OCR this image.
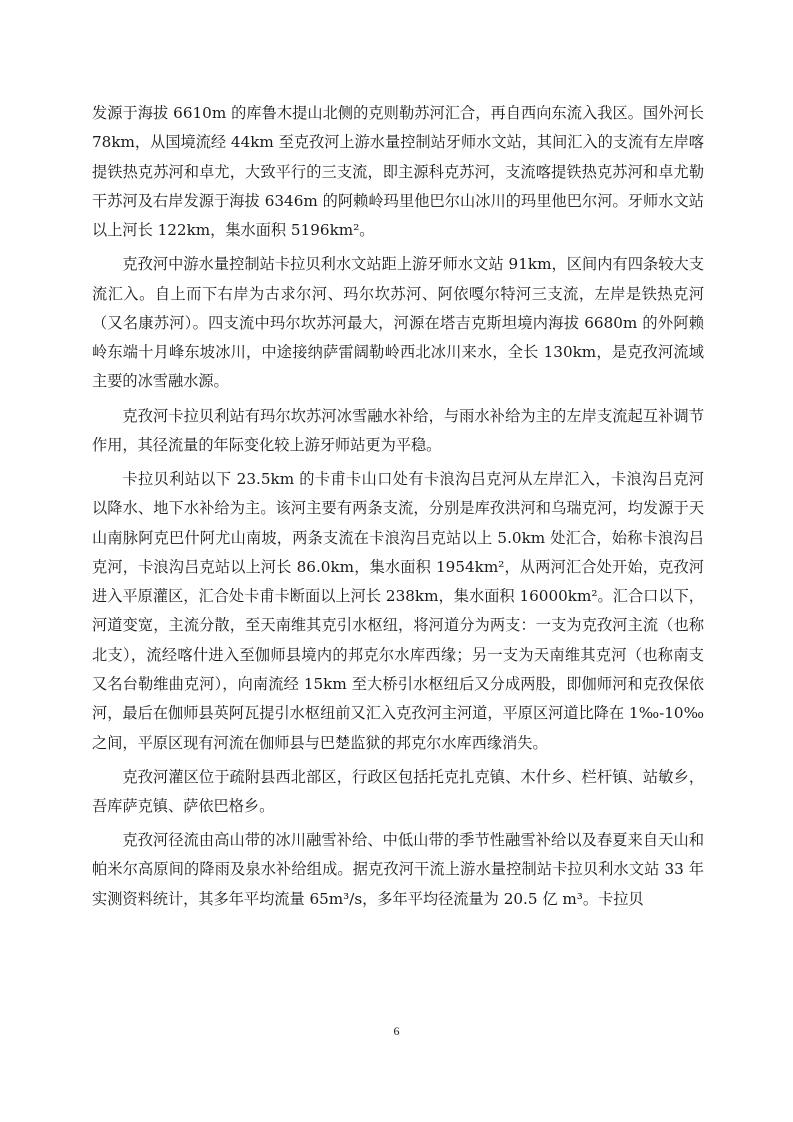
发源于海拔 6610m 的库鲁木提山北侧的克则勒苏河汇合，再自西向东流入我区。国外河长 78km，从国境流经 44km 至克孜河上游水量控制站牙师水文站，其间汇入的支流有左岸喀提铁热克苏河和卓尤，大致平行的三支流，即主源科克苏河，支流喀提铁热克苏河和卓尤勒干苏河及右岸发源于海拔 6346m 的阿赖岭玛里他巴尔山冰川的玛里他巴尔河。牙师水文站以上河长 122km，集水面积 5196km²。

克孜河中游水量控制站卡拉贝利水文站距上游牙师水文站 91km，区间内有四条较大支流汇入。自上而下右岸为古求尔河、玛尔坎苏河、阿依嘎尔特河三支流，左岸是铁热克河（又名康苏河）。四支流中玛尔坎苏河最大，河源在塔吉克斯坦境内海拔 6680m 的外阿赖岭东端十月峰东坡冰川，中途接纳萨雷阔勒岭西北冰川来水，全长 130km，是克孜河流域主要的冰雪融水源。

克孜河卡拉贝利站有玛尔坎苏河冰雪融水补给，与雨水补给为主的左岸支流起互补调节作用，其径流量的年际变化较上游牙师站更为平稳。

卡拉贝利站以下 23.5km 的卡甫卡山口处有卡浪沟吕克河从左岸汇入，卡浪沟吕克河以降水、地下水补给为主。该河主要有两条支流，分别是库孜洪河和乌瑞克河，均发源于天山南脉阿克巴什阿尤山南坡，两条支流在卡浪沟吕克站以上 5.0km 处汇合，始称卡浪沟吕克河，卡浪沟吕克站以上河长 86.0km，集水面积 1954km²，从两河汇合处开始，克孜河进入平原灌区，汇合处卡甫卡断面以上河长 238km，集水面积 16000km²。汇合口以下，河道变宽，主流分散，至天南维其克引水枢纽，将河道分为两支：一支为克孜河主流（也称北支），流经喀什进入至伽师县境内的邦克尔水库西缘；另一支为天南维其克河（也称南支又名台勒维曲克河），向南流经 15km 至大桥引水枢纽后又分成两股，即伽师河和克孜保依河，最后在伽师县英阿瓦提引水枢纽前又汇入克孜河主河道，平原区河道比降在 1‰-10‰之间，平原区现有河流在伽师县与巴楚监狱的邦克尔水库西缘消失。

克孜河灌区位于疏附县西北部区，行政区包括托克扎克镇、木什乡、栏杆镇、站敏乡，吾库萨克镇、萨依巴格乡。

克孜河径流由高山带的冰川融雪补给、中低山带的季节性融雪补给以及春夏来自天山和帕米尔高原间的降雨及泉水补给组成。据克孜河干流上游水量控制站卡拉贝利水文站 33 年实测资料统计，其多年平均流量 65m³/s，多年平均径流量为 20.5 亿 m³。卡拉贝

6
